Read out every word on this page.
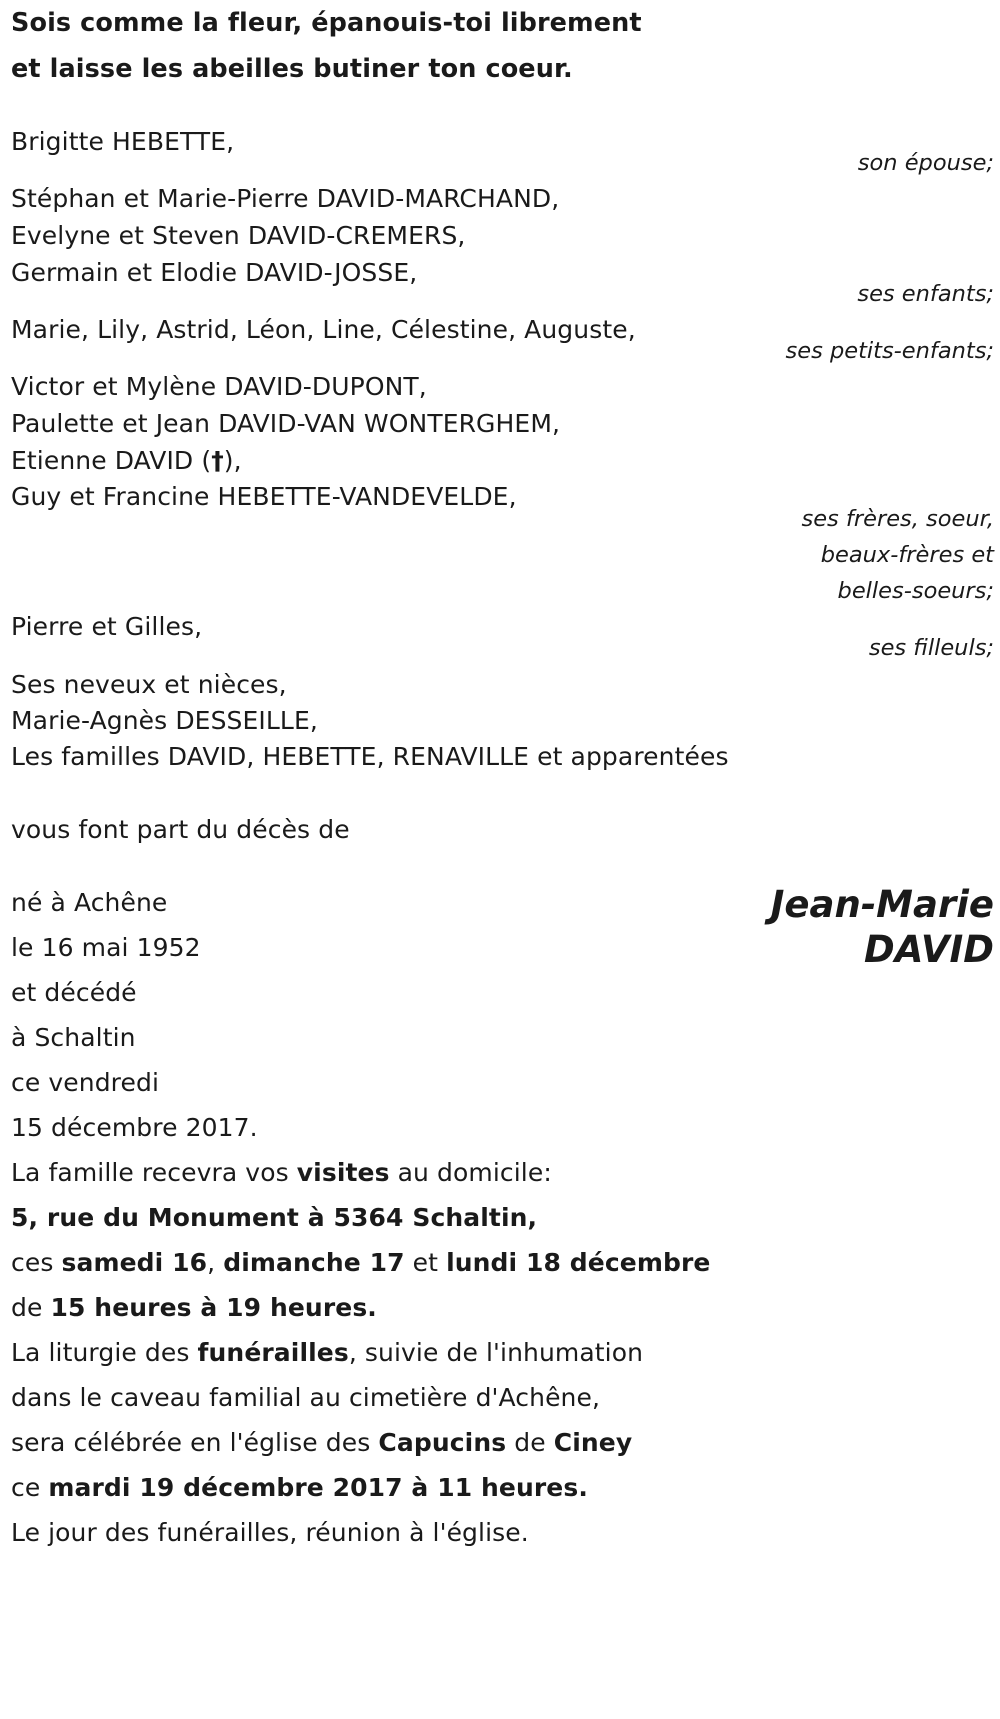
Sois comme la fleur, épanouis-toi librement
et laisse les abeilles butiner ton coeur.
Brigitte HEBETTE,
son épouse;
Stéphan et Marie-Pierre DAVID-MARCHAND,
Evelyne et Steven DAVID-CREMERS,
Germain et Elodie DAVID-JOSSE,
ses enfants;
Marie, Lily, Astrid, Léon, Line, Célestine, Auguste,
ses petits-enfants;
Victor et Mylène DAVID-DUPONT,
Paulette et Jean DAVID-VAN WONTERGHEM,
Etienne DAVID (†),
Guy et Francine HEBETTE-VANDEVELDE,
ses frères, soeur,
beaux-frères et
belles-soeurs;
Pierre et Gilles,
ses filleuls;
Ses neveux et nièces,
Marie-Agnès DESSEILLE,
Les familles DAVID, HEBETTE, RENAVILLE et apparentées
vous font part du décès de
Jean-Marie
DAVID
né à Achêne
le 16 mai 1952
et décédé
à Schaltin
ce vendredi
15 décembre 2017.
La famille recevra vos visites au domicile:
5, rue du Monument à 5364 Schaltin,
ces samedi 16, dimanche 17 et lundi 18 décembre
de 15 heures à 19 heures.
La liturgie des funérailles, suivie de l'inhumation
dans le caveau familial au cimetière d'Achêne,
sera célébrée en l'église des Capucins de Ciney
ce mardi 19 décembre 2017 à 11 heures.
Le jour des funérailles, réunion à l'église.
